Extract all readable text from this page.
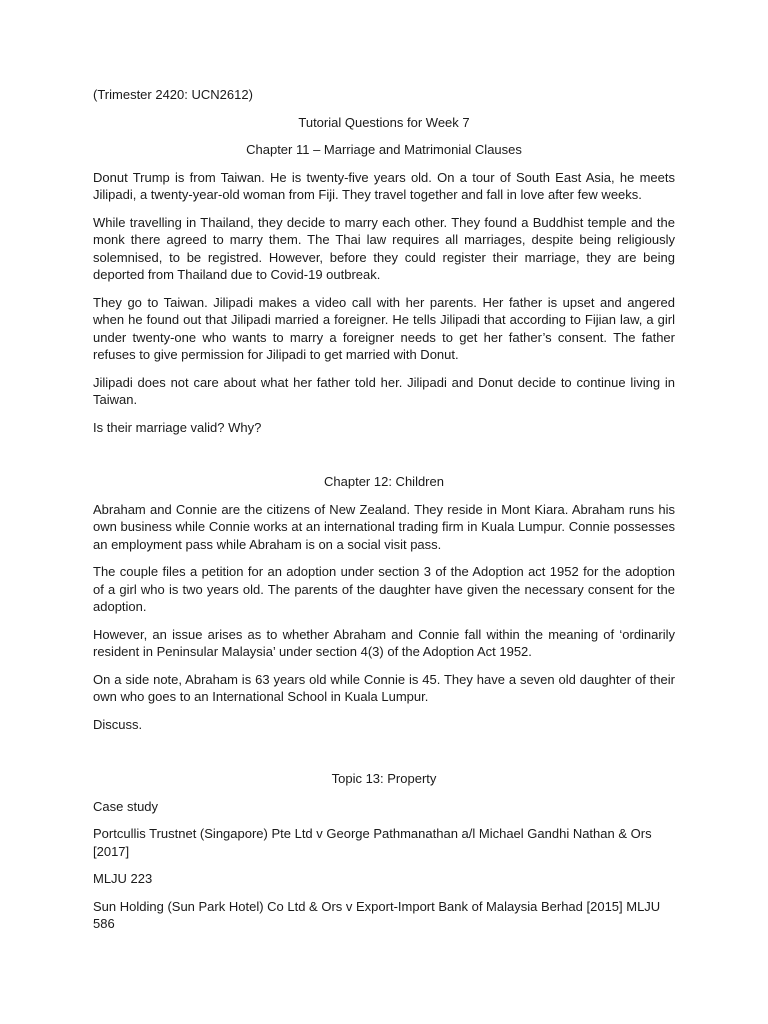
(Trimester 2420: UCN2612)

Tutorial Questions for Week 7

Chapter 11 – Marriage and Matrimonial Clauses

Donut Trump is from Taiwan. He is twenty-five years old. On a tour of South East Asia, he meets Jilipadi, a twenty-year-old woman from Fiji. They travel together and fall in love after few weeks.

While travelling in Thailand, they decide to marry each other. They found a Buddhist temple and the monk there agreed to marry them. The Thai law requires all marriages, despite being religiously solemnised, to be registred. However, before they could register their marriage, they are being deported from Thailand due to Covid-19 outbreak.

They go to Taiwan. Jilipadi makes a video call with her parents. Her father is upset and angered when he found out that Jilipadi married a foreigner. He tells Jilipadi that according to Fijian law, a girl under twenty-one who wants to marry a foreigner needs to get her father’s consent. The father refuses to give permission for Jilipadi to get married with Donut.

Jilipadi does not care about what her father told her. Jilipadi and Donut decide to continue living in Taiwan.

Is their marriage valid? Why?

Chapter 12: Children

Abraham and Connie are the citizens of New Zealand. They reside in Mont Kiara. Abraham runs his own business while Connie works at an international trading firm in Kuala Lumpur. Connie possesses an employment pass while Abraham is on a social visit pass.

The couple files a petition for an adoption under section 3 of the Adoption act 1952 for the adoption of a girl who is two years old. The parents of the daughter have given the necessary consent for the adoption.

However, an issue arises as to whether Abraham and Connie fall within the meaning of ‘ordinarily resident in Peninsular Malaysia’ under section 4(3) of the Adoption Act 1952.

On a side note, Abraham is 63 years old while Connie is 45. They have a seven old daughter of their own who goes to an International School in Kuala Lumpur.

Discuss.

Topic 13: Property

Case study

Portcullis Trustnet (Singapore) Pte Ltd v George Pathmanathan a/l Michael Gandhi Nathan & Ors [2017]

MLJU 223

Sun Holding (Sun Park Hotel) Co Ltd & Ors v Export-Import Bank of Malaysia Berhad [2015] MLJU 586
